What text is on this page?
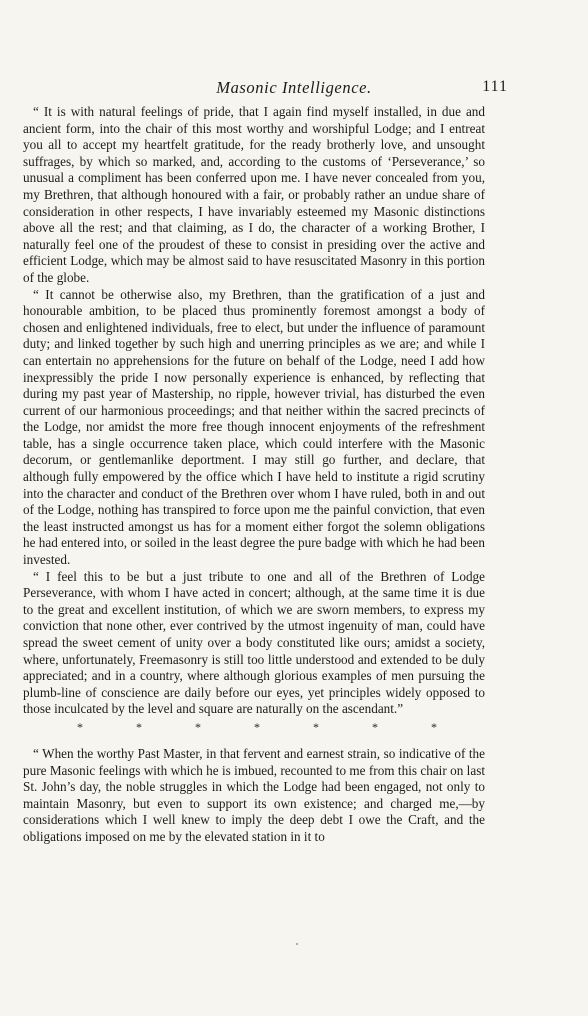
Masonic Intelligence.	111

“ It is with natural feelings of pride, that I again find myself installed, in due and ancient form, into the chair of this most worthy and worshipful Lodge; and I entreat you all to accept my heartfelt gratitude, for the ready brotherly love, and unsought suffrages, by which so marked, and, according to the customs of ‘Perseverance,’ so unusual a compliment has been conferred upon me. I have never concealed from you, my Brethren, that although honoured with a fair, or probably rather an undue share of consideration in other respects, I have invariably esteemed my Masonic distinctions above all the rest; and that claiming, as I do, the character of a working Brother, I naturally feel one of the proudest of these to consist in presiding over the active and efficient Lodge, which may be almost said to have resuscitated Masonry in this portion of the globe.

“ It cannot be otherwise also, my Brethren, than the gratification of a just and honourable ambition, to be placed thus prominently foremost amongst a body of chosen and enlightened individuals, free to elect, but under the influence of paramount duty; and linked together by such high and unerring principles as we are; and while I can entertain no apprehensions for the future on behalf of the Lodge, need I add how inexpressibly the pride I now personally experience is enhanced, by reflecting that during my past year of Mastership, no ripple, however trivial, has disturbed the even current of our harmonious proceedings; and that neither within the sacred precincts of the Lodge, nor amidst the more free though innocent enjoyments of the refreshment table, has a single occurrence taken place, which could interfere with the Masonic decorum, or gentlemanlike deportment. I may still go further, and declare, that although fully empowered by the office which I have held to institute a rigid scrutiny into the character and conduct of the Brethren over whom I have ruled, both in and out of the Lodge, nothing has transpired to force upon me the painful conviction, that even the least instructed amongst us has for a moment either forgot the solemn obligations he had entered into, or soiled in the least degree the pure badge with which he had been invested.

“ I feel this to be but a just tribute to one and all of the Brethren of Lodge Perseverance, with whom I have acted in concert; although, at the same time it is due to the great and excellent institution, of which we are sworn members, to express my conviction that none other, ever contrived by the utmost ingenuity of man, could have spread the sweet cement of unity over a body constituted like ours; amidst a society, where, unfortunately, Freemasonry is still too little understood and extended to be duly appreciated; and in a country, where although glorious examples of men pursuing the plumb-line of conscience are daily before our eyes, yet principles widely opposed to those inculcated by the level and square are naturally on the ascendant.”

*	*	*	*	*	*	*

“ When the worthy Past Master, in that fervent and earnest strain, so indicative of the pure Masonic feelings with which he is imbued, recounted to me from this chair on last St. John’s day, the noble struggles in which the Lodge had been engaged, not only to maintain Masonry, but even to support its own existence; and charged me,—by considerations which I well knew to imply the deep debt I owe the Craft, and the obligations imposed on me by the elevated station in it to
